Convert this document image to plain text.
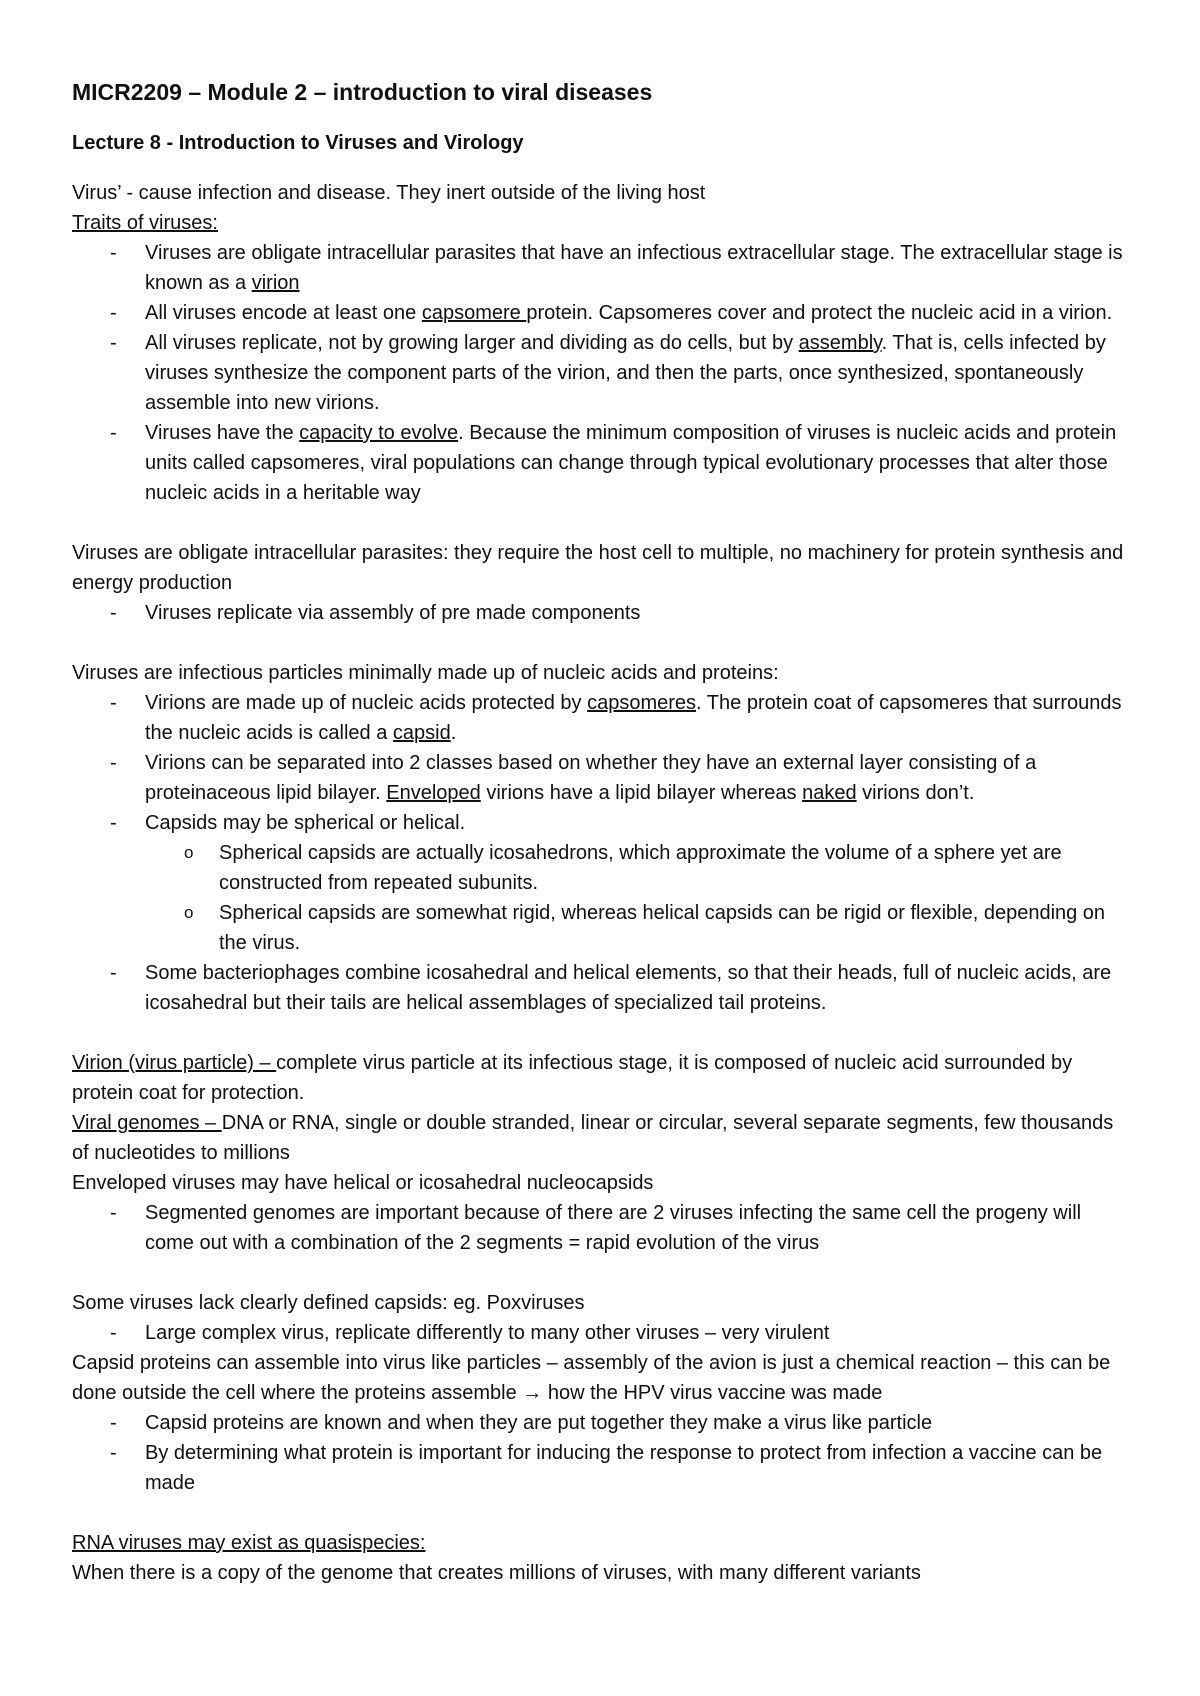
MICR2209 – Module 2 – introduction to viral diseases

Lecture 8 - Introduction to Viruses and Virology

Virus’ - cause infection and disease. They inert outside of the living host

Traits of viruses:

- Viruses are obligate intracellular parasites that have an infectious extracellular stage. The extracellular stage is known as a virion
- All viruses encode at least one capsomere protein. Capsomeres cover and protect the nucleic acid in a virion.
- All viruses replicate, not by growing larger and dividing as do cells, but by assembly. That is, cells infected by viruses synthesize the component parts of the virion, and then the parts, once synthesized, spontaneously assemble into new virions.
- Viruses have the capacity to evolve. Because the minimum composition of viruses is nucleic acids and protein units called capsomeres, viral populations can change through typical evolutionary processes that alter those nucleic acids in a heritable way

Viruses are obligate intracellular parasites: they require the host cell to multiple, no machinery for protein synthesis and energy production

- Viruses replicate via assembly of pre made components

Viruses are infectious particles minimally made up of nucleic acids and proteins:

- Virions are made up of nucleic acids protected by capsomeres. The protein coat of capsomeres that surrounds the nucleic acids is called a capsid.
- Virions can be separated into 2 classes based on whether they have an external layer consisting of a proteinaceous lipid bilayer. Enveloped virions have a lipid bilayer whereas naked virions don’t.
- Capsids may be spherical or helical.
o Spherical capsids are actually icosahedrons, which approximate the volume of a sphere yet are constructed from repeated subunits.
o Spherical capsids are somewhat rigid, whereas helical capsids can be rigid or flexible, depending on the virus.
- Some bacteriophages combine icosahedral and helical elements, so that their heads, full of nucleic acids, are icosahedral but their tails are helical assemblages of specialized tail proteins.

Virion (virus particle) – complete virus particle at its infectious stage, it is composed of nucleic acid surrounded by protein coat for protection.

Viral genomes – DNA or RNA, single or double stranded, linear or circular, several separate segments, few thousands of nucleotides to millions

Enveloped viruses may have helical or icosahedral nucleocapsids

- Segmented genomes are important because of there are 2 viruses infecting the same cell the progeny will come out with a combination of the 2 segments = rapid evolution of the virus

Some viruses lack clearly defined capsids: eg. Poxviruses

- Large complex virus, replicate differently to many other viruses – very virulent

Capsid proteins can assemble into virus like particles – assembly of the avion is just a chemical reaction – this can be done outside the cell where the proteins assemble → how the HPV virus vaccine was made

- Capsid proteins are known and when they are put together they make a virus like particle
- By determining what protein is important for inducing the response to protect from infection a vaccine can be made

RNA viruses may exist as quasispecies:

When there is a copy of the genome that creates millions of viruses, with many different variants
